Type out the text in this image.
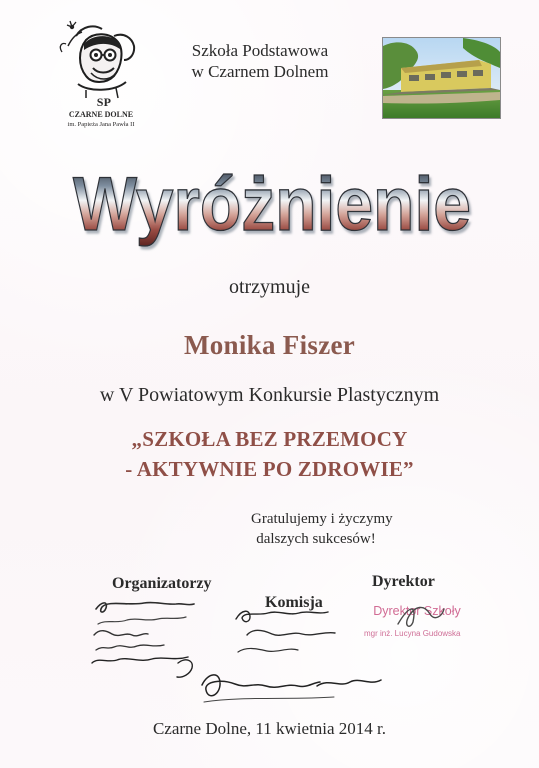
SP
CZARNE DOLNE
im. Papieża Jana Pawła II
Szkoła Podstawowa
w Czarnem Dolnem
Wyróżnienie
otrzymuje
Monika Fiszer
w V Powiatowym Konkursie Plastycznym
„SZKOŁA BEZ PRZEMOCY
- AKTYWNIE PO ZDROWIE”
Gratulujemy i życzymy
dalszych sukcesów!
Organizatorzy
Komisja
Dyrektor
Dyrektor Szkoły
mgr inż. Lucyna Gudowska
Czarne Dolne, 11 kwietnia 2014 r.
